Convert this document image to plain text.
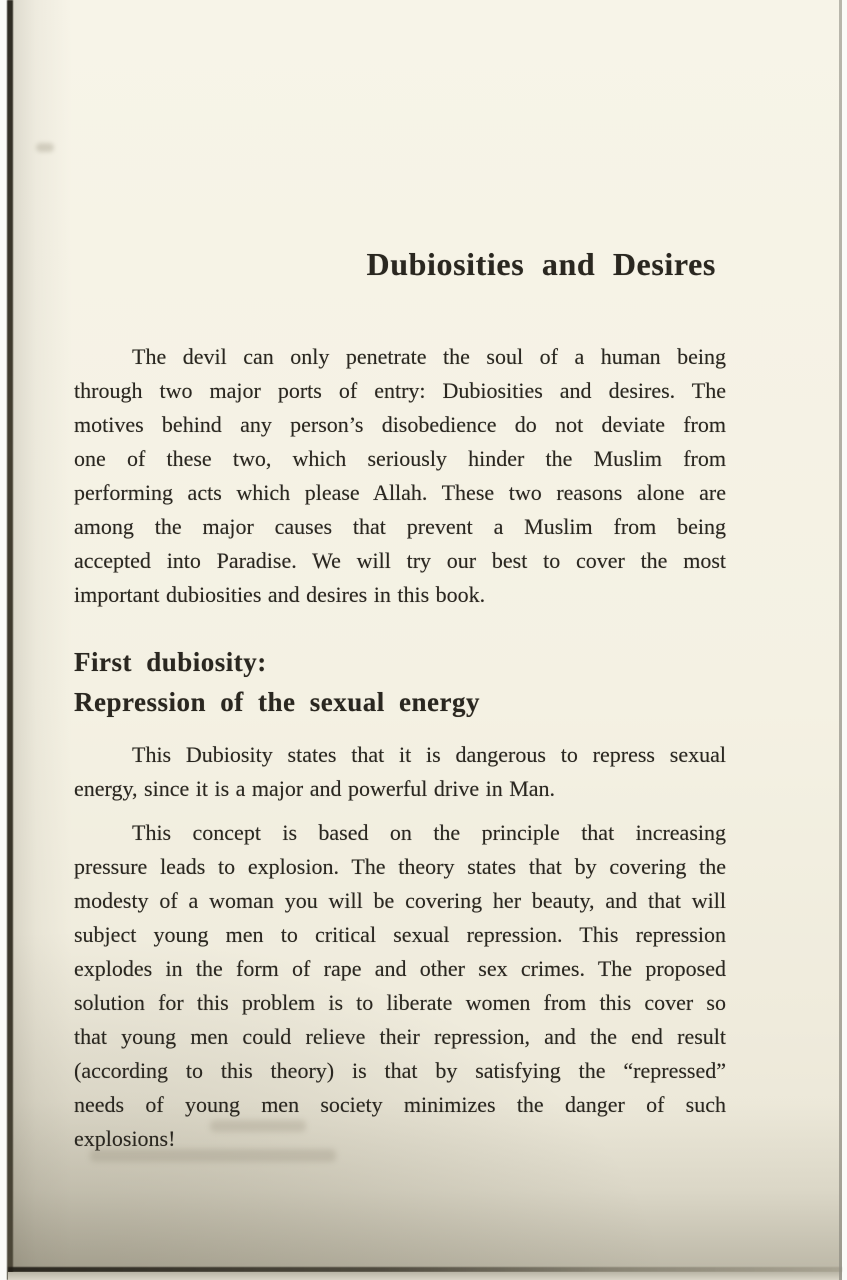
Dubiosities and Desires
The devil can only penetrate the soul of a human being
through two major ports of entry: Dubiosities and desires. The
motives behind any person’s disobedience do not deviate from
one of these two, which seriously hinder the Muslim from
performing acts which please Allah. These two reasons alone are
among the major causes that prevent a Muslim from being
accepted into Paradise. We will try our best to cover the most
important dubiosities and desires in this book.
First dubiosity:
Repression of the sexual energy
This Dubiosity states that it is dangerous to repress sexual
energy, since it is a major and powerful drive in Man.
This concept is based on the principle that increasing
pressure leads to explosion. The theory states that by covering the
modesty of a woman you will be covering her beauty, and that will
subject young men to critical sexual repression. This repression
explodes in the form of rape and other sex crimes. The proposed
solution for this problem is to liberate women from this cover so
that young men could relieve their repression, and the end result
(according to this theory) is that by satisfying the “repressed”
needs of young men society minimizes the danger of such
explosions!
